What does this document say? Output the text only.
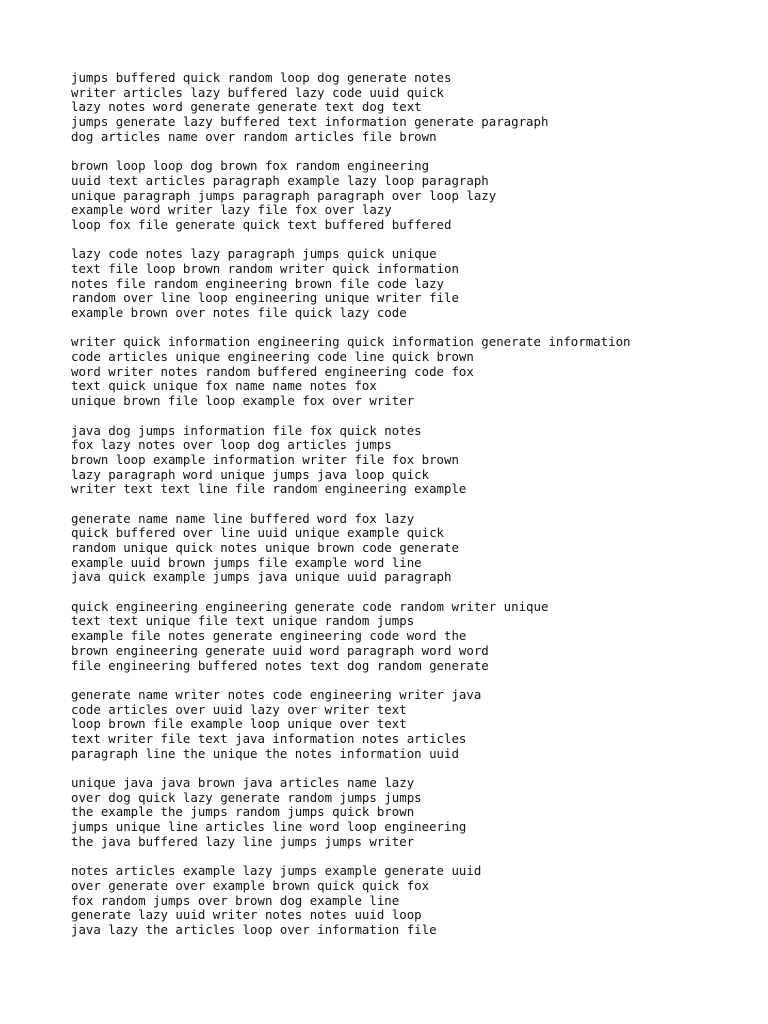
jumps buffered quick random loop dog generate notes
writer articles lazy buffered lazy code uuid quick
lazy notes word generate generate text dog text
jumps generate lazy buffered text information generate paragraph
dog articles name over random articles file brown
brown loop loop dog brown fox random engineering
uuid text articles paragraph example lazy loop paragraph
unique paragraph jumps paragraph paragraph over loop lazy
example word writer lazy file fox over lazy
loop fox file generate quick text buffered buffered
lazy code notes lazy paragraph jumps quick unique
text file loop brown random writer quick information
notes file random engineering brown file code lazy
random over line loop engineering unique writer file
example brown over notes file quick lazy code
writer quick information engineering quick information generate information
code articles unique engineering code line quick brown
word writer notes random buffered engineering code fox
text quick unique fox name name notes fox
unique brown file loop example fox over writer
java dog jumps information file fox quick notes
fox lazy notes over loop dog articles jumps
brown loop example information writer file fox brown
lazy paragraph word unique jumps java loop quick
writer text text line file random engineering example
generate name name line buffered word fox lazy
quick buffered over line uuid unique example quick
random unique quick notes unique brown code generate
example uuid brown jumps file example word line
java quick example jumps java unique uuid paragraph
quick engineering engineering generate code random writer unique
text text unique file text unique random jumps
example file notes generate engineering code word the
brown engineering generate uuid word paragraph word word
file engineering buffered notes text dog random generate
generate name writer notes code engineering writer java
code articles over uuid lazy over writer text
loop brown file example loop unique over text
text writer file text java information notes articles
paragraph line the unique the notes information uuid
unique java java brown java articles name lazy
over dog quick lazy generate random jumps jumps
the example the jumps random jumps quick brown
jumps unique line articles line word loop engineering
the java buffered lazy line jumps jumps writer
notes articles example lazy jumps example generate uuid
over generate over example brown quick quick fox
fox random jumps over brown dog example line
generate lazy uuid writer notes notes uuid loop
java lazy the articles loop over information file
